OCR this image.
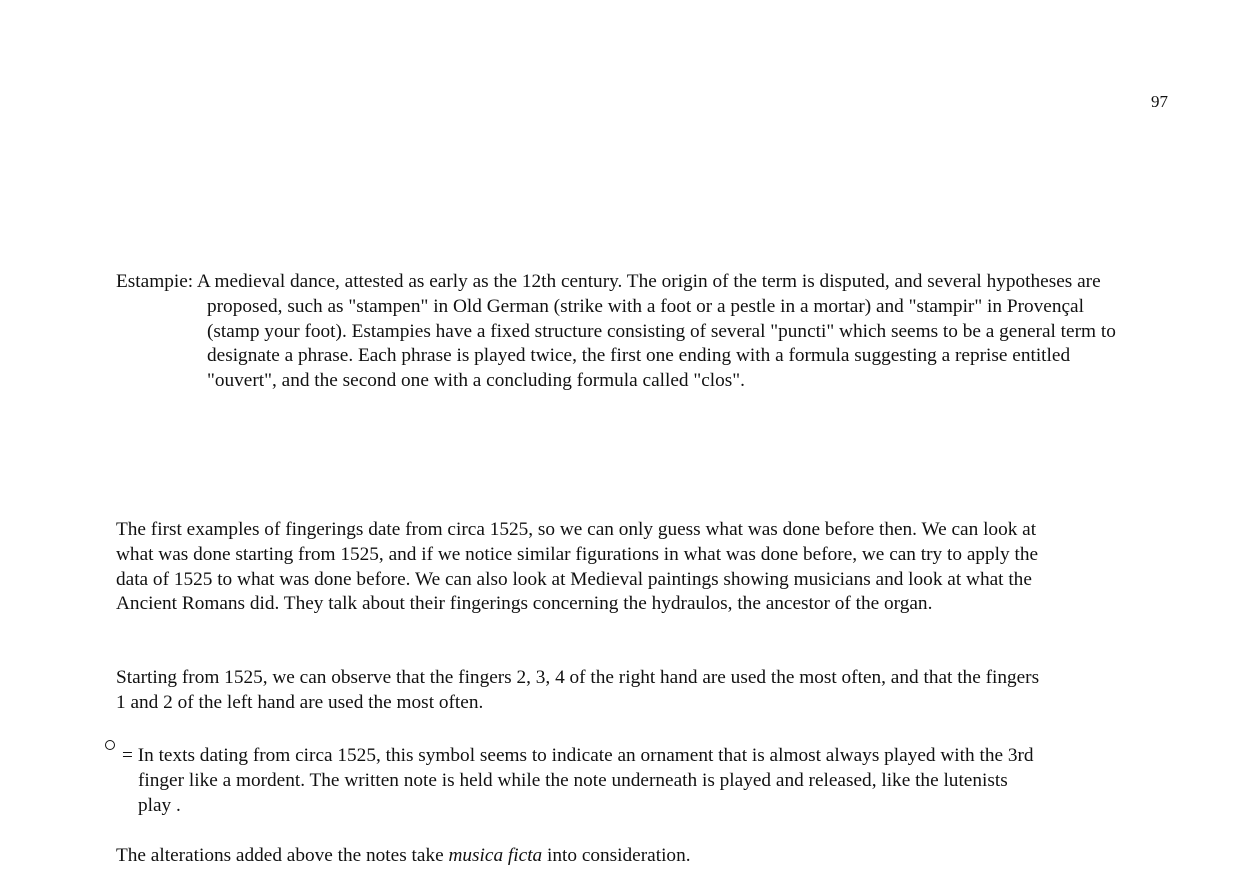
97

Estampie: A medieval dance, attested as early as the 12th century. The origin of the term is disputed, and several hypotheses are proposed, such as "stampen" in Old German (strike with a foot or a pestle in a mortar) and "stampir" in Provençal (stamp your foot). Estampies have a fixed structure consisting of several "puncti" which seems to be a general term to designate a phrase. Each phrase is played twice, the first one ending with a formula suggesting a reprise entitled "ouvert", and the second one with a concluding formula called "clos".

The first examples of fingerings date from circa 1525, so we can only guess what was done before then. We can look at what was done starting from 1525, and if we notice similar figurations in what was done before, we can try to apply the data of 1525 to what was done before. We can also look at Medieval paintings showing musicians and look at what the Ancient Romans did. They talk about their fingerings concerning the hydraulos, the ancestor of the organ.

Starting from 1525, we can observe that the fingers 2, 3, 4 of the right hand are used the most often, and that the fingers 1 and 2 of the left hand are used the most often.

= In texts dating from circa 1525, this symbol seems to indicate an ornament that is almost always played with the 3rd finger like a mordent. The written note is held while the note underneath is played and released, like the lutenists play .

The alterations added above the notes take musica ficta into consideration.
